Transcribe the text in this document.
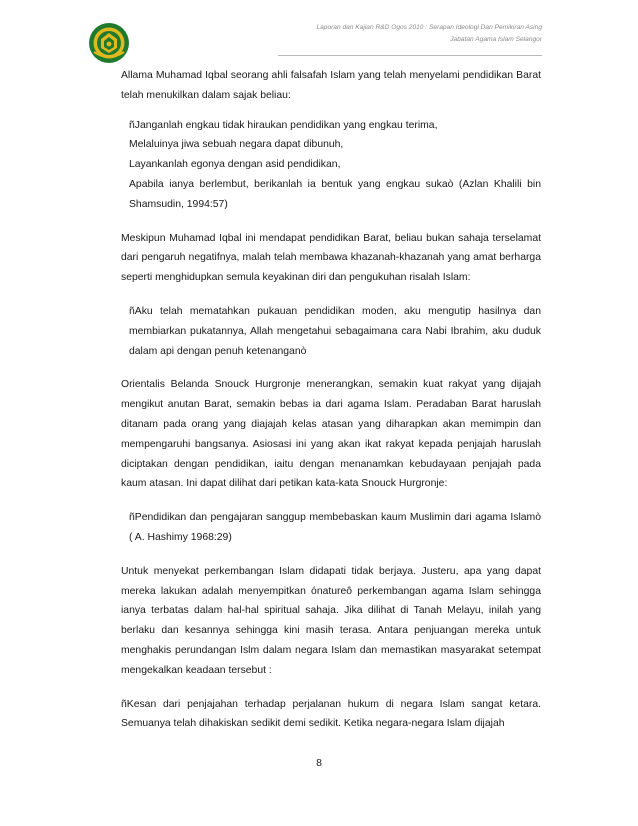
Laporan dan Kajian R&D Ogos 2010 : Serapan Ideologi Dan Pemikiran Asing
Jabatan Agama Islam Selangor

Allama Muhamad Iqbal seorang ahli falsafah Islam yang telah menyelami pendidikan Barat telah menukilkan dalam sajak beliau:

ñJanganlah engkau tidak hiraukan pendidikan yang engkau terima,
Melaluinya jiwa sebuah negara dapat dibunuh,
Layankanlah egonya dengan asid pendidikan,
Apabila ianya berlembut, berikanlah ia bentuk yang engkau sukaò (Azlan Khalili bin Shamsudin, 1994:57)

Meskipun Muhamad Iqbal ini mendapat pendidikan Barat, beliau bukan sahaja terselamat dari pengaruh negatifnya, malah telah membawa khazanah-khazanah yang amat berharga seperti menghidupkan semula keyakinan diri dan pengukuhan risalah Islam:

ñAku telah mematahkan pukauan pendidikan moden, aku mengutip hasilnya dan membiarkan pukatannya, Allah mengetahui sebagaimana cara Nabi Ibrahim, aku duduk dalam api dengan penuh ketenanganò

Orientalis Belanda Snouck Hurgronje menerangkan, semakin kuat rakyat yang dijajah mengikut anutan Barat, semakin bebas ia dari agama Islam. Peradaban Barat haruslah ditanam pada orang yang diajajah kelas atasan yang diharapkan akan memimpin dan mempengaruhi bangsanya. Asiosasi ini yang akan ikat rakyat kepada penjajah haruslah diciptakan dengan pendidikan, iaitu dengan menanamkan kebudayaan penjajah pada kaum atasan. Ini dapat dilihat dari petikan kata-kata Snouck Hurgronje:

ñPendidikan dan pengajaran sanggup membebaskan kaum Muslimin dari agama Islamò ( A. Hashimy 1968:29)

Untuk menyekat perkembangan Islam didapati tidak berjaya. Justeru, apa yang dapat mereka lakukan adalah menyempitkan ónatureô perkembangan agama Islam sehingga ianya terbatas dalam hal-hal spiritual sahaja. Jika dilihat di Tanah Melayu, inilah yang berlaku dan kesannya sehingga kini masih terasa. Antara penjuangan mereka untuk menghakis perundangan Islm dalam negara Islam dan memastikan masyarakat setempat mengekalkan keadaan tersebut :

ñKesan dari penjajahan terhadap perjalanan hukum di negara Islam sangat ketara. Semuanya telah dihakiskan sedikit demi sedikit. Ketika negara-negara Islam dijajah

8
